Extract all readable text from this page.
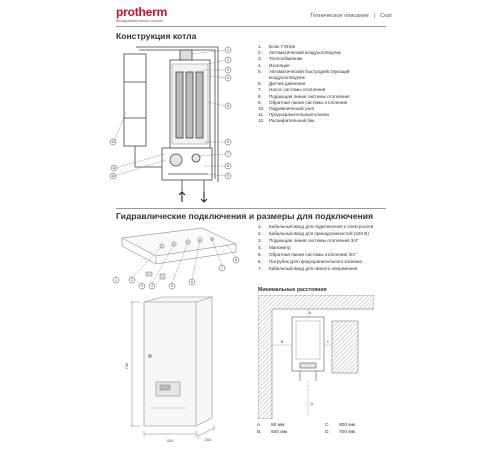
protherm
Вкладываем вашей стороне
Техническое описание | Скат
Конструкция котла
1
2
3
4
5
6
7
8
9
10
11
12
1.	Блок ТЭНов
2.	Автоматический воздухоотводчик
3.	Теплообменник
4.	Изоляция
5.	Автоматический быстродействующий
воздухоотводчик
6.	Датчик давления
7.	Насос системы отопления
8.	Подающая линия системы отопления
9.	Обратная линия системы отопления
10.	Гидравлический узел
11.	Предохранительный клапан
12.	Расширительный бак
Гидравлические подключения и размеры для подключения
1	2
3	4	5
6
7
8
1.	Кабельный ввод для подключения к электросети
2.	Кабельный ввод для принадлежностей (230 В)
3.	Подающая линия системы отопления 3/4"
4.	Манометр
5.	Обратная линия системы отопления 3/4"
6.	Патрубок для предохранительного клапана
7.	Кабельный ввод для низкого напряжения
740
410	310
Минимальные расстояния
A
B	C
D
A.	50 мм	C.	800 мм
B.	500 мм	D.	700 мм
